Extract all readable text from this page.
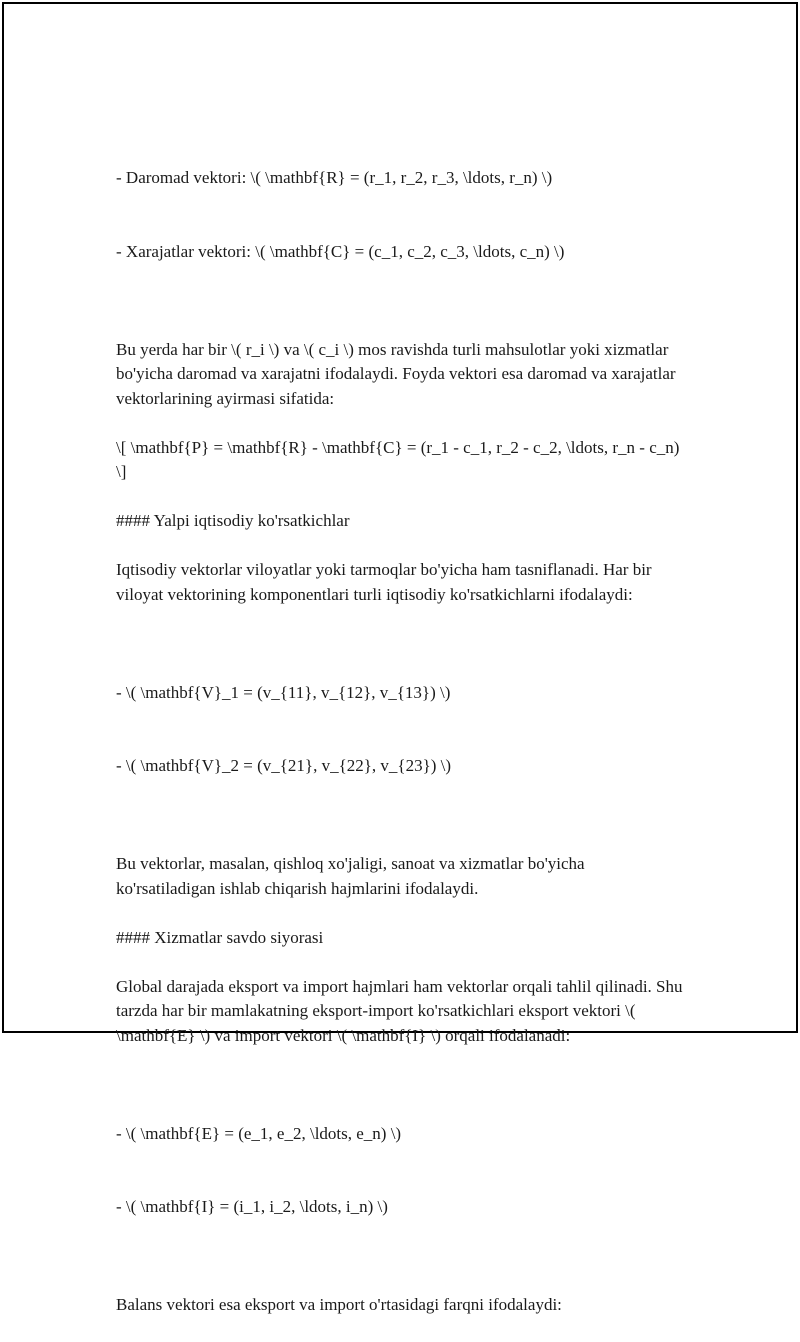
- Daromad vektori: \( \mathbf{R} = (r_1, r_2, r_3, \ldots, r_n) \)

- Xarajatlar vektori: \( \mathbf{C} = (c_1, c_2, c_3, \ldots, c_n) \)

Bu yerda har bir \( r_i \) va \( c_i \) mos ravishda turli mahsulotlar yoki xizmatlar bo'yicha daromad va xarajatni ifodalaydi. Foyda vektori esa daromad va xarajatlar vektorlarining ayirmasi sifatida:

\[ \mathbf{P} = \mathbf{R} - \mathbf{C} = (r_1 - c_1, r_2 - c_2, \ldots, r_n - c_n) \]

#### Yalpi iqtisodiy ko'rsatkichlar

Iqtisodiy vektorlar viloyatlar yoki tarmoqlar bo'yicha ham tasniflanadi. Har bir viloyat vektorining komponentlari turli iqtisodiy ko'rsatkichlarni ifodalaydi:

- \( \mathbf{V}_1 = (v_{11}, v_{12}, v_{13}) \)

- \( \mathbf{V}_2 = (v_{21}, v_{22}, v_{23}) \)

Bu vektorlar, masalan, qishloq xo'jaligi, sanoat va xizmatlar bo'yicha ko'rsatiladigan ishlab chiqarish hajmlarini ifodalaydi.

#### Xizmatlar savdo siyorasi

Global darajada eksport va import hajmlari ham vektorlar orqali tahlil qilinadi. Shu tarzda har bir mamlakatning eksport-import ko'rsatkichlari eksport vektori \( \mathbf{E} \) va import vektori \( \mathbf{I} \) orqali ifodalanadi:

- \( \mathbf{E} = (e_1, e_2, \ldots, e_n) \)

- \( \mathbf{I} = (i_1, i_2, \ldots, i_n) \)

Balans vektori esa eksport va import o'rtasidagi farqni ifodalaydi:
